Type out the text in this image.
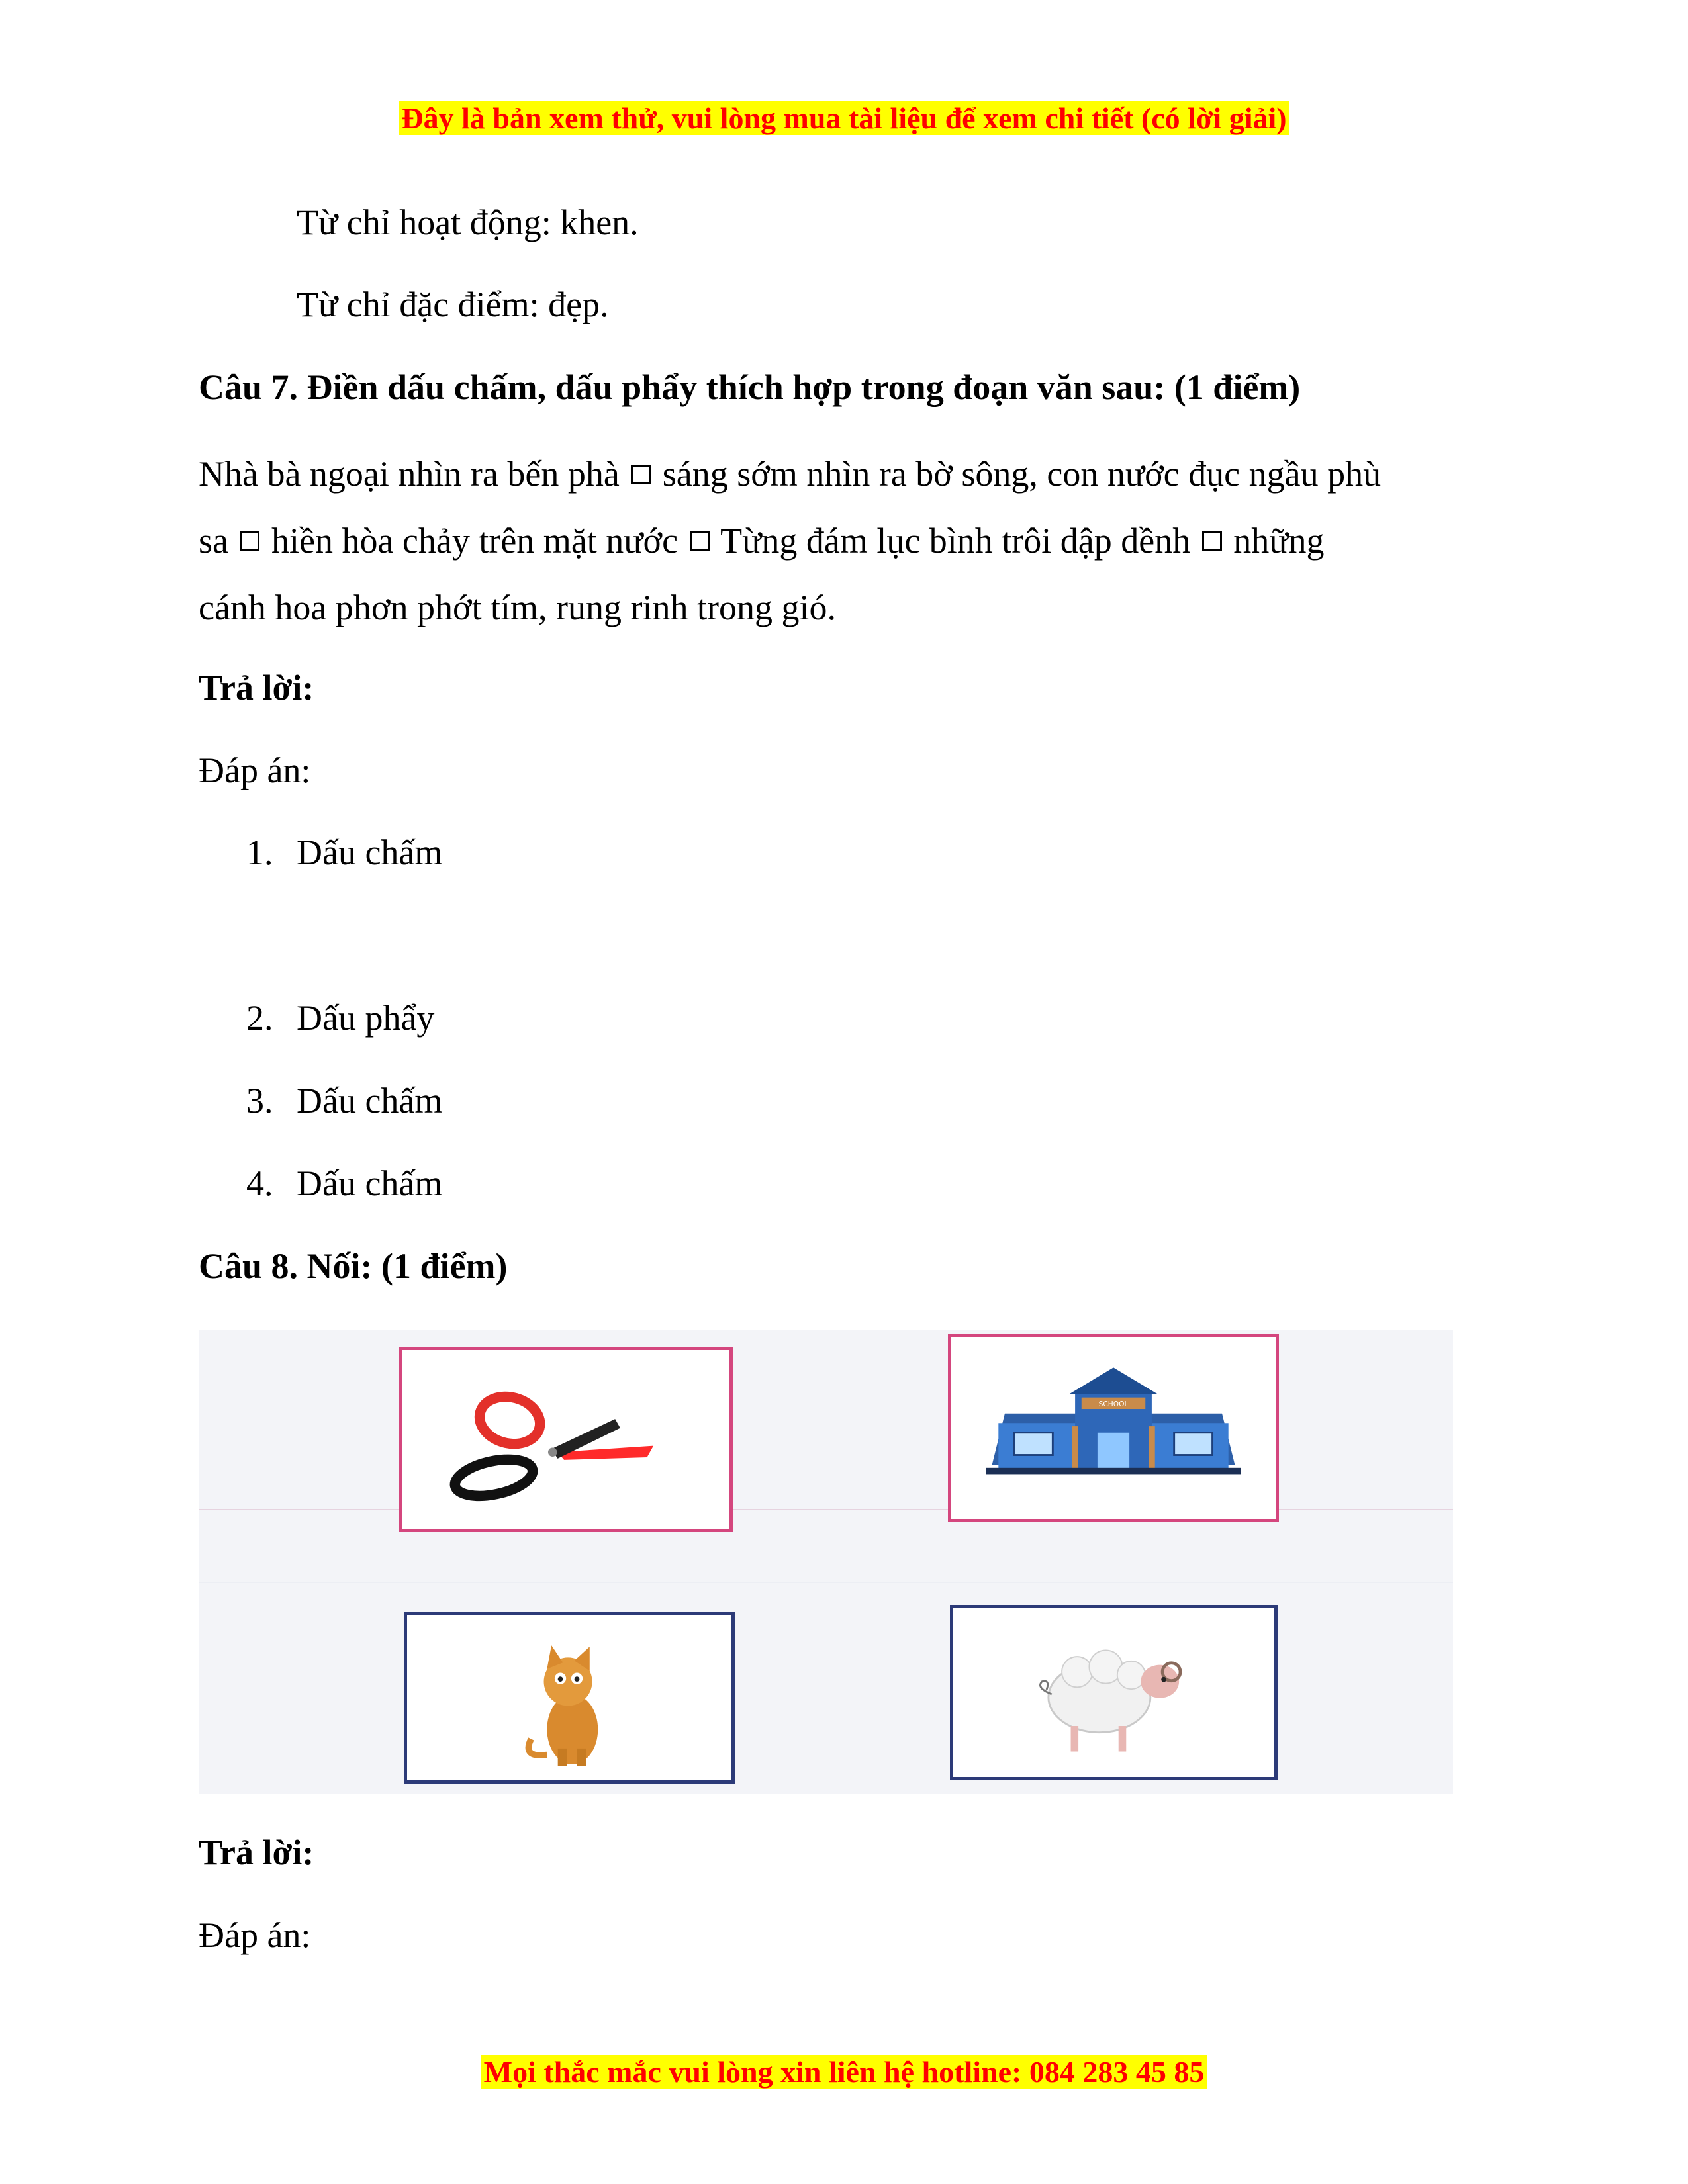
Đây là bản xem thử, vui lòng mua tài liệu để xem chi tiết (có lời giải)
Từ chỉ hoạt động: khen.
Từ chỉ đặc điểm: đẹp.
Câu 7. Điền dấu chấm, dấu phẩy thích hợp trong đoạn văn sau: (1 điểm)
Nhà bà ngoại nhìn ra bến phà sáng sớm nhìn ra bờ sông, con nước đục ngầu phù
sa hiền hòa chảy trên mặt nước Từng đám lục bình trôi dập dềnh những
cánh hoa phơn phớt tím, rung rinh trong gió.
Trả lời:
Đáp án:
1. Dấu chấm
2. Dấu phẩy
3. Dấu chấm
4. Dấu chấm
Câu 8. Nối: (1 điểm)
SCHOOL
Trả lời:
Đáp án:
Mọi thắc mắc vui lòng xin liên hệ hotline: 084 283 45 85
